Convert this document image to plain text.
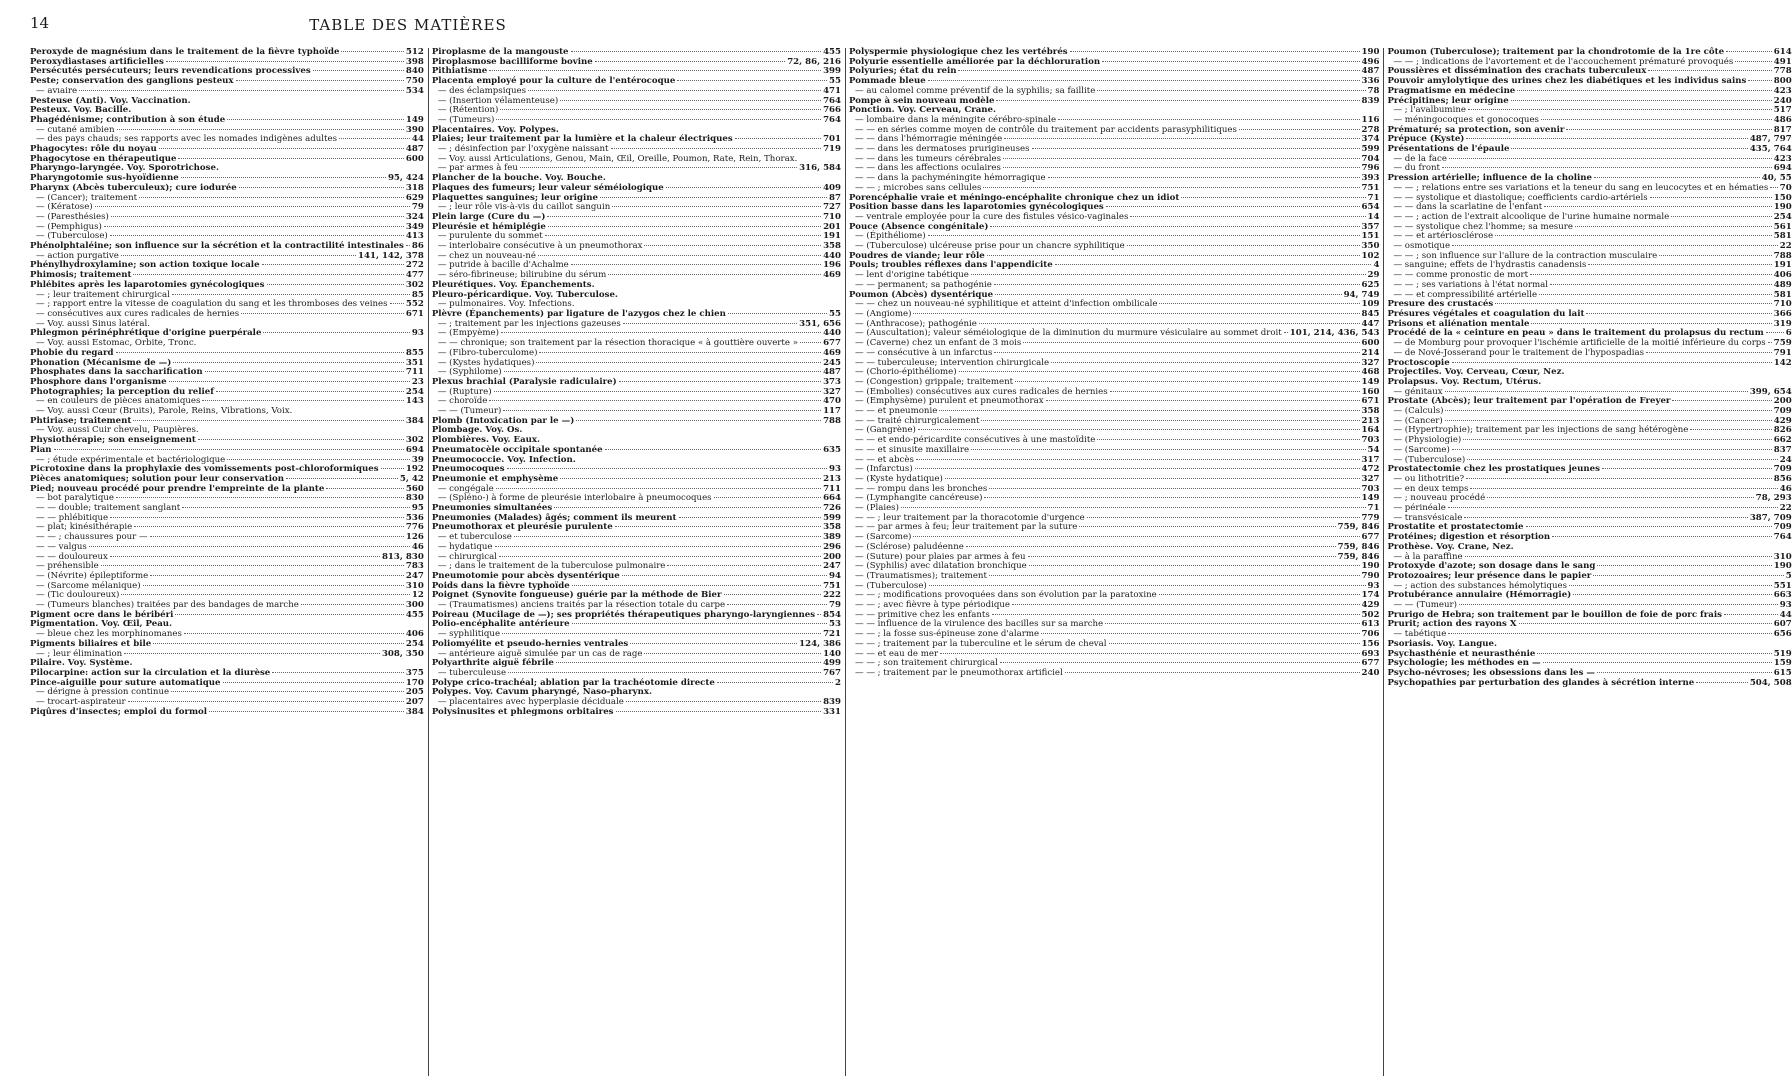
14	TABLE DES MATIÈRES
Peroxyde de magnésium dans le traitement de la fièvre typhoïde	512
Peroxydiastases artificielles	398
Persécutés persécuteurs; leurs revendications processives	840
Peste; conservation des ganglions pesteux	750
— avıaire	534
Pesteuse (Anti). Voy. Vaccination.
Pesteux. Voy. Bacille.
Phagédénisme; contribution à son étude	149
— cutané amibien	390
— des pays chauds; ses rapports avec les nomades indigènes adultes	44
Phagocytes: rôle du noyau	487
Phagocytose en thérapeutique	600
Pharyngo-laryngée. Voy. Sporotrichose.
Pharyngotomie sus-hyoïdienne	95, 424
Pharynx (Abcès tuberculeux); cure iodurée	318
— (Cancer); traitement	629
— (Kératose)	79
— (Paresthésies)	324
— (Pemphigus)	349
— (Tuberculose)	413
Phénolphtaléine; son influence sur la sécrétion et la contractilité intestinales 86
— action purgative	141, 142, 378
Phénylhydroxylamine; son action toxique locale	272
Phimosis; traitement	477
Phlébites après les laparotomies gynécologiques	302
— ; leur traitement chirurgical	85
— ; rapport entre la vitesse de coagulation du sang et les thromboses des veines 552
— consécutives aux cures radicales de hernies	671
— Voy. aussi Sinus latéral.
Phlegmon périnéphrétique d'origine puerpérale	93
— Voy. aussi Estomac, Orbite, Tronc.
Phobie du regard	855
Phonation (Mécanisme de —)	351
Phosphates dans la saccharification	711
Phosphore dans l'organisme	23
Photographies; la perception du relief	254
— en couleurs de pièces anatomiques	143
— Voy. aussi Cœur (Bruits), Parole, Reins, Vibrations, Voix.
Phtiriase; traitement	384
— Voy. aussi Cuir chevelu, Paupières.
Physiothérapie; son enseignement	302
Pian	694
— ; étude expérimentale et bactériologique	39
Picrotoxine dans la prophylaxie des vomissements post-chloroformiques	192
Pièces anatomiques; solution pour leur conservation	5, 42
Pied; nouveau procédé pour prendre l'empreinte de la plante	560
— bot paralytique	830
— — double; traitement sanglant	95
— — phlébitique	536
— plat; kinésithérapie	776
— — ; chaussures pour —	126
— — valgus	46
— — douloureux	813, 830
— préhensible	783
— (Névrite) épileptiforme	247
— (Sarcome mélanique)	310
— (Tic douloureux)	12
— (Tumeurs blanches) traitées par des bandages de marche	300
Pigment ocre dans le béribéri	455
Pigmentation. Voy. Œil, Peau.
— bleue chez les morphinomanes	406
Pigments biliaires et bile	254
— ; leur élimination	308, 350
Pilaire. Voy. Système.
Pilocarpine: action sur la circulation et la diurèse	375
Pince-aiguille pour suture automatique	170
— dérigne à pression continue	205
— trocart-aspirateur	207
Piqûres d'insectes; emploi du formol	384
Piroplasme de la mangouste	455
Piroplasmose bacilliforme bovine	72, 86, 216
Pithiatisme	399
Placenta employé pour la culture de l'entérocoque	55
— des éclampsiques	471
— (Insertion vélamenteuse)	764
— (Rétention)	766
— (Tumeurs)	764
Placentaires. Voy. Polypes.
Plaies; leur traitement par la lumière et la chaleur électriques	701
— ; désinfection par l'oxygène naissant	719
— Voy. aussi Articulations, Genou, Main, Œil, Oreille, Poumon, Rate, Rein, Thorax.
— par armes à feu	316, 584
Plancher de la bouche. Voy. Bouche.
Plaques des fumeurs; leur valeur séméiologique	409
Plaquettes sanguines; leur origine	87
— ; leur rôle vis-à-vis du caillot sanguin	727
Plein large (Cure du —)	710
Pleurésie et hémiplégie	201
— purulente du sommet	191
— interlobaire consécutive à un pneumothorax	358
— chez un nouveau-né	440
— putride à bacille d'Achalme	196
— séro-fibrineuse; bilirubine du sérum	469
Pleurétiques. Voy. Épanchements.
Pleuro-péricardique. Voy. Tuberculose.
— pulmonaires. Voy. Infections.
Plèvre (Épanchements) par ligature de l'azygos chez le chien	55
— ; traitement par les injections gazeuses	351, 656
— (Empyème)	440
— — chronique; son traitement par la résection thoracique « à gouttière ouverte »	677
— (Fibro-tuberculome)	469
— (Kystes hydatiques)	245
— (Syphilome)	487
Plexus brachial (Paralysie radiculaire)	373
— (Rupture)	327
— choroïde	470
— — (Tumeur)	117
Plomb (Intoxication par le —)	788
Plombage. Voy. Os.
Plombières. Voy. Eaux.
Pneumatocèle occipitale spontanée	635
Pneumococcie. Voy. Infection.
Pneumocoques	93
Pneumonie et emphysème	213
— congégale	711
— (Spléno-) à forme de pleurésie interlobaire à pneumocoques	664
Pneumonies simultanées	726
Pneumonies (Malades) âgés; comment ils meurent	599
Pneumothorax et pleurésie purulente	358
— et tuberculose	389
— hydatique	296
— chirurgical	200
— ; dans le traitement de la tuberculose pulmonaire	247
Pneumotomie pour abcès dysentérique	94
Poids dans la fièvre typhoïde	751
Poignet (Synovite fongueuse) guérie par la méthode de Bier	222
— (Traumatismes) anciens traités par la résection totale du carpe	79
Poireau (Mucilage de —); ses propriétés thérapeutiques pharyngo-laryngiennes 854
Polio-encéphalite antérieure	53
— syphilitique	721
Poliomyélite et pseudo-hernies ventrales	124, 386
— antérieure aiguë simulée par un cas de rage	140
Polyarthrite aiguë fébrile	499
— tuberculeuse	767
Polype crico-trachéal; ablation par la trachéotomie directe	2
Polypes. Voy. Cavum pharyngé, Naso-pharynx.
— placentaires avec hyperplasie déciduale	839
Polysinusites et phlegmons orbitaires	331
Polyspermie physiologique chez les vertébrés	190
Polyurie essentielle améliorée par la déchloruration	496
Polyuries; état du rein	487
Pommade bleue	336
— au calomel comme préventif de la syphilis; sa faillite	78
Pompe à sein nouveau modèle	839
Ponction. Voy. Cerveau, Crane.
— lombaire dans la méningite cérébro-spinale	116
— — en séries comme moyen de contrôle du traitement par accidents parasyphilitiques	278
— — dans l'hémorragie méningée	374
— — dans les dermatoses prurigineuses	599
— — dans les tumeurs cérébrales	704
— — dans les affections oculaires	796
— — dans la pachyméningite hémorragique	393
— — ; microbes sans cellules	751
Porencéphalie vraie et méningo-encéphalite chronique chez un idiot	71
Position basse dans les laparotomies gynécologiques	654
— ventrale employée pour la cure des fistules vésico-vaginales	14
Pouce (Absence congénitale)	357
— (Épithéliome)	151
— (Tuberculose) ulcéreuse prise pour un chancre syphilitique	350
Poudres de viande; leur rôle	102
Pouls; troubles réflexes dans l'appendicite	4
— lent d'origine tabétique	29
— — permanent; sa pathogénie	625
Poumon (Abcès) dysentérique	94, 749
— — chez un nouveau-né syphilitique et atteint d'infection ombilicale	109
— (Angiome)	845
— (Anthracose); pathogénie	447
— (Auscultation); valeur séméiologique de la diminution du murmure vésiculaire au sommet droit 101, 214, 436, 543
— (Caverne) chez un enfant de 3 mois	600
— — consécutive à un infarctus	214
— — tuberculeuse; intervention chirurgicale	327
— (Chorio-épithéliome)	468
— (Congestion) grippale; traitement	149
— (Embolies) consécutives aux cures radicales de hernies	160
— (Emphysème) purulent et pneumothorax	671
— — et pneumonie	358
— — traité chirurgicalement	213
— (Gangrène)	164
— — et endo-péricardite consécutives à une mastoïdite	703
— — et sinusite maxillaire	54
— — et abcès	317
— (Infarctus)	472
— (Kyste hydatique)	327
— — rompu dans les bronches	703
— (Lymphangite cancéreuse)	149
— (Plaies)	71
— — ; leur traitement par la thoracotomie d'urgence	779
— — par armes à feu; leur traitement par la suture	759, 846
— (Sarcome)	677
— (Sclérose) paludéenne	759, 846
— (Suture) pour plaies par armes à feu	759, 846
— (Syphilis) avec dilatation bronchique	190
— (Traumatismes); traitement	790
— (Tuberculose)	93
— — ; modifications provoquées dans son évolution par la paratoxine	174
— — ; avec fièvre à type périodique	429
— — primitive chez les enfants	502
— — influence de la virulence des bacilles sur sa marche	613
— — ; la fosse sus-épineuse zone d'alarme	706
— — ; traitement par la tuberculine et le sérum de cheval	156
— — et eau de mer	693
— — ; son traitement chirurgical	677
— — ; traitement par le pneumothorax artificiel	240
Poumon (Tuberculose); traitement par la chondrotomie de la 1re côte	614
— — ; indications de l'avortement et de l'accouchement prématuré provoqués	491
Poussières et dissémination des crachats tuberculeux	778
Pouvoir amylolytique des urines chez les diabétiques et les individus sains	800
Pragmatisme en médecine	423
Précipitines; leur origine	240
— ; l'avalbumine	517
— méningocoques et gonocoques	486
Prématuré; sa protection, son avenir	817
Prépuce (Kyste)	487, 797
Présentations de l'épaule	435, 764
— de la face	423
— du front	694
Pression artérielle; influence de la choline	40, 55
— — ; relations entre ses variations et la teneur du sang en leucocytes et en hématies 70
— — systolique et diastolique; coefficients cardio-artériels	150
— — dans la scarlatine de l'enfant	190
— — ; action de l'extrait alcoolique de l'urine humaine normale	254
— — systolique chez l'homme; sa mesure	561
— — et artériosclérose	581
— osmotique	22
— — ; son influence sur l'allure de la contraction musculaire	788
— sanguine; effets de l'hydrastis canadensis	191
— — comme pronostic de mort	406
— — ; ses variations à l'état normal	489
— — et compressibilité artérielle	581
Presure des crustacés	710
Présures végétales et coagulation du lait	366
Prisons et aliénation mentale	319
Procédé de la « ceinture en peau » dans le traitement du prolapsus du rectum	6
— de Momburg pour provoquer l'ischémie artificielle de la moitié inférieure du corps 759
— de Nové-Josserand pour le traitement de l'hypospadias	791
Proctoscopie	142
Projectiles. Voy. Cerveau, Cœur, Nez.
Prolapsus. Voy. Rectum, Utérus.
— génitaux	399, 654
Prostate (Abcès); leur traitement par l'opération de Freyer	200
— (Calculs)	709
— (Cancer)	429
— (Hypertrophie); traitement par les injections de sang hétérogène	826
— (Physiologie)	662
— (Sarcome)	837
— (Tuberculose)	24
Prostatectomie chez les prostatiques jeunes	709
— ou lithotritie?	856
— en deux temps	46
— ; nouveau procédé	78, 293
— périnéale	22
— transvésicale	387, 709
Prostatite et prostatectomie	709
Protéines; digestion et résorption	764
Prothèse. Voy. Crane, Nez.
— à la paraffine	310
Protoxyde d'azote; son dosage dans le sang	190
Protozoaires; leur présence dans le papier	5
— ; action des substances hémolytiques	551
Protubérance annulaire (Hémorragie)	663
— — (Tumeur)	93
Prurigo de Hebra; son traitement par le bouillon de foie de porc frais	44
Prurit; action des rayons X	607
— tabétique	656
Psoriasis. Voy. Langue.
Psychasthénie et neurasthénie	519
Psychologie; les méthodes en —	159
Psycho-névroses; les obsessions dans les —	615
Psychopathies par perturbation des glandes à sécrétion interne	504, 508
